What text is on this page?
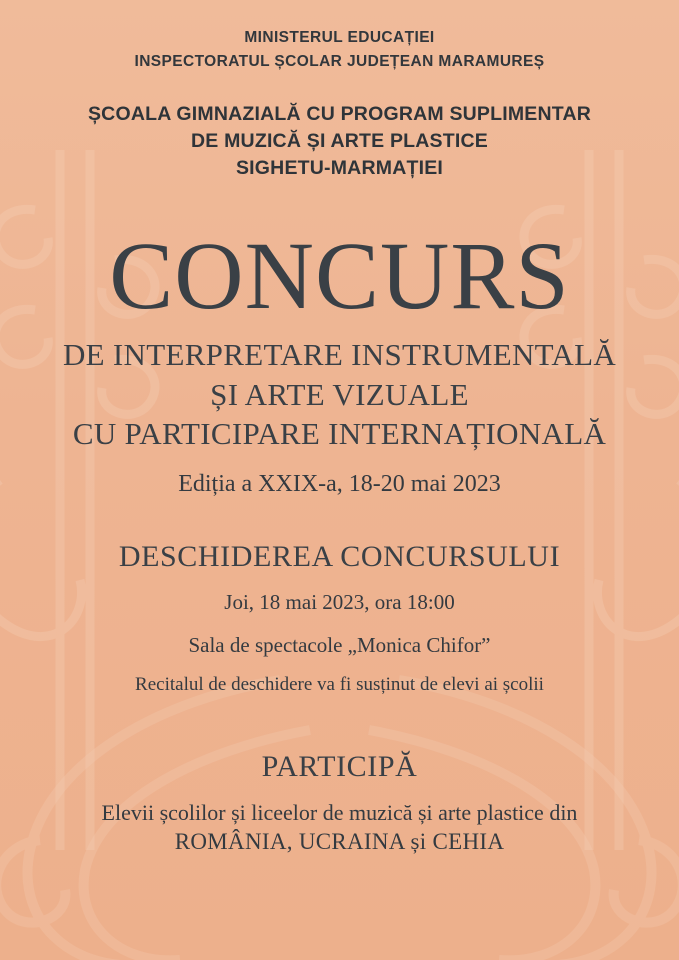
MINISTERUL EDUCAȚIEI
INSPECTORATUL ȘCOLAR JUDEȚEAN MARAMUREȘ
ȘCOALA GIMNAZIALĂ CU PROGRAM SUPLIMENTAR
DE MUZICĂ ȘI ARTE PLASTICE
SIGHETU-MARMAȚIEI
CONCURS
DE INTERPRETARE INSTRUMENTALĂ
ȘI ARTE VIZUALE
CU PARTICIPARE INTERNAȚIONALĂ
Ediția a XXIX-a, 18-20 mai 2023
DESCHIDEREA CONCURSULUI
Joi, 18 mai 2023, ora 18:00
Sala de spectacole „Monica Chifor”
Recitalul de deschidere va fi susținut de elevi ai școlii
PARTICIPĂ
Elevii școlilor și liceelor de muzică și arte plastice din
ROMÂNIA, UCRAINA și CEHIA
